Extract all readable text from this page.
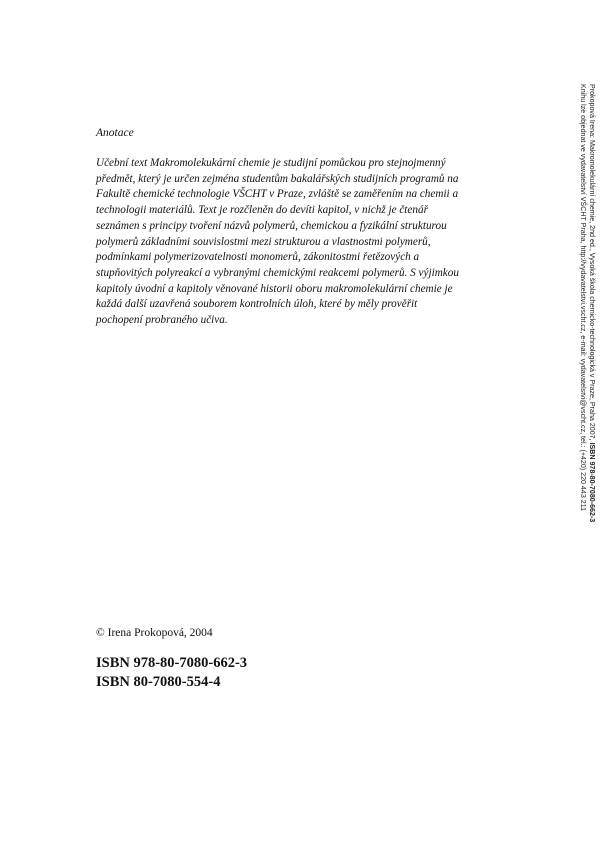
Anotace
Učební text Makromolekukární chemie je studijní pomůckou pro stejnojmenný
předmět, který je určen zejména studentům bakalářských studijních programů na
Fakultě chemické technologie VŠCHT v Praze, zvláště se zaměřením na chemii a
technologii materiálů. Text je rozčleněn do devíti kapitol, v nichž je čtenář
seznámen s principy tvoření názvů polymerů, chemickou a fyzikální strukturou
polymerů základními souvislostmi mezi strukturou a vlastnostmi polymerů,
podmínkami polymerizovatelnosti monomerů, zákonitostmi řetězových a
stupňovitých polyreakcí a vybranými chemickými reakcemi polymerů. S výjimkou
kapitoly úvodní a kapitoly věnované historii oboru makromolekulární chemie je
každá další uzavřená souborem kontrolních úloh, které by měly prověřit
pochopení probraného učiva.
© Irena Prokopová, 2004
ISBN 978-80-7080-662-3
ISBN 80-7080-554-4
Prokopová Irena: Makromolekulární chemie, 2nd ed., Vysoká škola chemicko-technologická v Praze, Praha 2007, ISBN 978-80-7080-662-3
Knihu lze objednat ve vydavatelství VŠCHT Praha, http://vydavatelstvi.vscht.cz, e-mail: vydavatelstvi@vscht.cz, tel.: (+420) 220 443 211
